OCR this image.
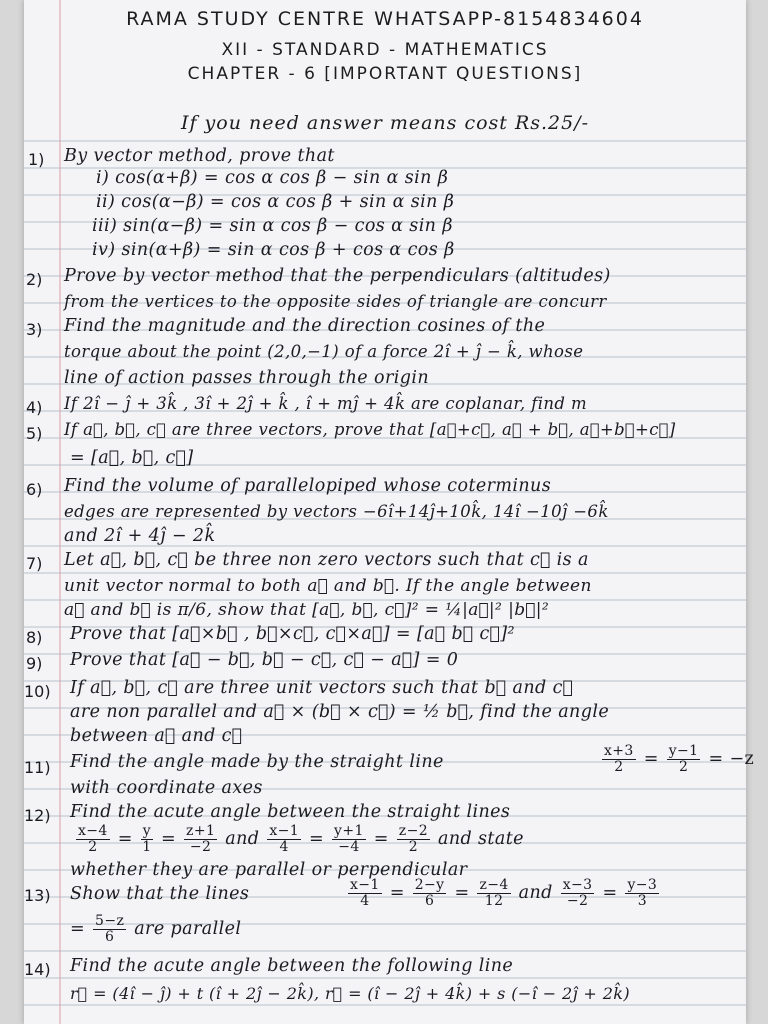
RAMA STUDY CENTRE WHATSAPP-8154834604
XII - STANDARD - MATHEMATICS
CHAPTER - 6 [IMPORTANT QUESTIONS]
If you need answer means cost Rs.25/-
1) By vector method, prove that
i) cos(α+β) = cos α cos β − sin α sin β
ii) cos(α−β) = cos α cos β + sin α sin β
iii) sin(α−β) = sin α cos β − cos α sin β
iv) sin(α+β) = sin α cos β + cos α cos β
2) Prove by vector method that the perpendiculars (altitudes)
from the vertices to the opposite sides of triangle are concurr
3) Find the magnitude and the direction cosines of the
torque about the point (2,0,−1) of a force 2î + ĵ − k̂, whose
line of action passes through the origin
4) If 2î − ĵ + 3k̂ , 3î + 2ĵ + k̂ , î + mĵ + 4k̂ are coplanar, find m
5) If a⃗, b⃗, c⃗ are three vectors, prove that [a⃗+c⃗, a⃗ + b⃗, a⃗+b⃗+c⃗]
= [a⃗, b⃗, c⃗]
6) Find the volume of parallelopiped whose coterminus
edges are represented by vectors −6î+14ĵ+10k̂, 14î −10ĵ −6k̂
and 2î + 4ĵ − 2k̂
7) Let a⃗, b⃗, c⃗ be three non zero vectors such that c⃗ is a
unit vector normal to both a⃗ and b⃗. If the angle between
a⃗ and b⃗ is π/6, show that [a⃗, b⃗, c⃗]² = ¼|a⃗|² |b⃗|²
8) Prove that [a⃗×b⃗ , b⃗×c⃗, c⃗×a⃗] = [a⃗ b⃗ c⃗]²
9) Prove that [a⃗ − b⃗, b⃗ − c⃗, c⃗ − a⃗] = 0
10) If a⃗, b⃗, c⃗ are three unit vectors such that b⃗ and c⃗
are non parallel and a⃗ × (b⃗ × c⃗) = ½ b⃗, find the angle
between a⃗ and c⃗
11) Find the angle made by the straight line	$\frac{x+3}{2} = \frac{y-1}{2} = -z$
with coordinate axes
12) Find the acute angle between the straight lines
$\frac{x-4}{2} = \frac{y}{1} = \frac{z+1}{-2}$ and $\frac{x-1}{4} = \frac{y+1}{-4} = \frac{z-2}{2}$ and state
whether they are parallel or perpendicular
13) Show that the lines	$\frac{x-1}{4} = \frac{2-y}{6} = \frac{z-4}{12}$ and $\frac{x-3}{-2} = \frac{y-3}{3}$
= $\frac{5-z}{6}$ are parallel
14) Find the acute angle between the following line
r⃗ = (4î − ĵ) + t (î + 2ĵ − 2k̂), r⃗ = (î − 2ĵ + 4k̂) + s (−î − 2ĵ + 2k̂)
